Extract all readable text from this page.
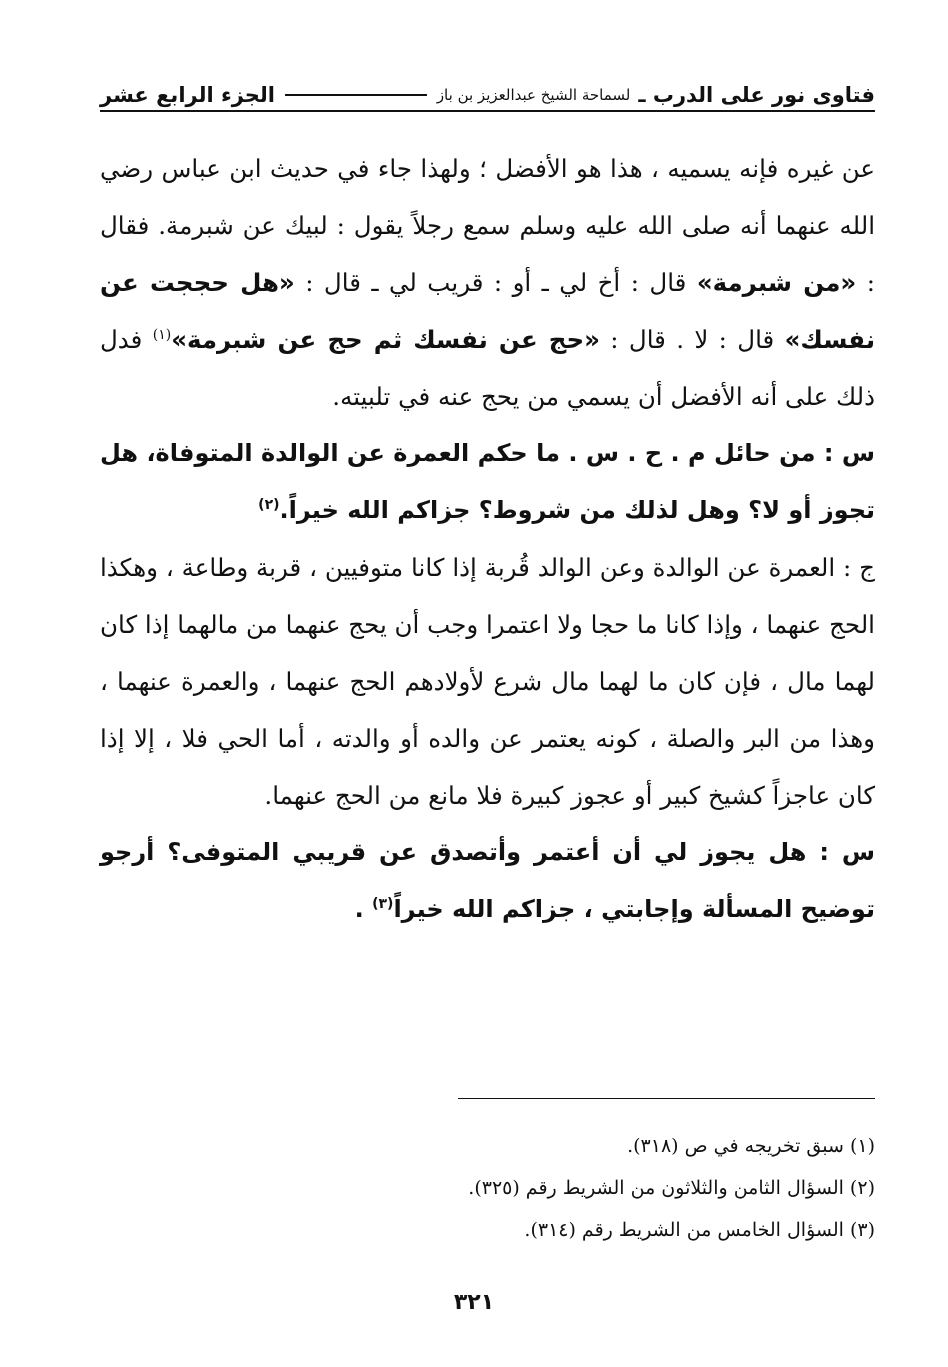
فتاوى نور على الدرب ـ
لسماحة الشيخ عبدالعزيز بن باز
الجزء الرابع عشر

عن غيره فإنه يسميه ، هذا هو الأفضل ؛ ولهذا جاء في حديث ابن عباس رضي الله عنهما أنه صلى الله عليه وسلم سمع رجلاً يقول : لبيك عن شبرمة. فقال : «من شبرمة» قال : أخ لي ـ أو : قريب لي ـ قال : «هل حججت عن نفسك» قال : لا . قال : «حج عن نفسك ثم حج عن شبرمة»$^{(١)}$ فدل ذلك على أنه الأفضل أن يسمي من يحج عنه في تلبيته.

س : من حائل م . ح . س . ما حكم العمرة عن الوالدة المتوفاة، هل تجوز أو لا؟ وهل لذلك من شروط؟ جزاكم الله خيراً.$^{(٢)}$

ج : العمرة عن الوالدة وعن الوالد قُربة إذا كانا متوفيين ، قربة وطاعة ، وهكذا الحج عنهما ، وإذا كانا ما حجا ولا اعتمرا وجب أن يحج عنهما من مالهما إذا كان لهما مال ، فإن كان ما لهما مال شرع لأولادهم الحج عنهما ، والعمرة عنهما ، وهذا من البر والصلة ، كونه يعتمر عن والده أو والدته ، أما الحي فلا ، إلا إذا كان عاجزاً كشيخ كبير أو عجوز كبيرة فلا مانع من الحج عنهما.

س : هل يجوز لي أن أعتمر وأتصدق عن قريبي المتوفى؟ أرجو توضيح المسألة وإجابتي ، جزاكم الله خيراً$^{(٣)}$ .

(١) سبق تخريجه في ص (٣١٨).

(٢) السؤال الثامن والثلاثون من الشريط رقم (٣٢٥).

(٣) السؤال الخامس من الشريط رقم (٣١٤).

٣٢١
